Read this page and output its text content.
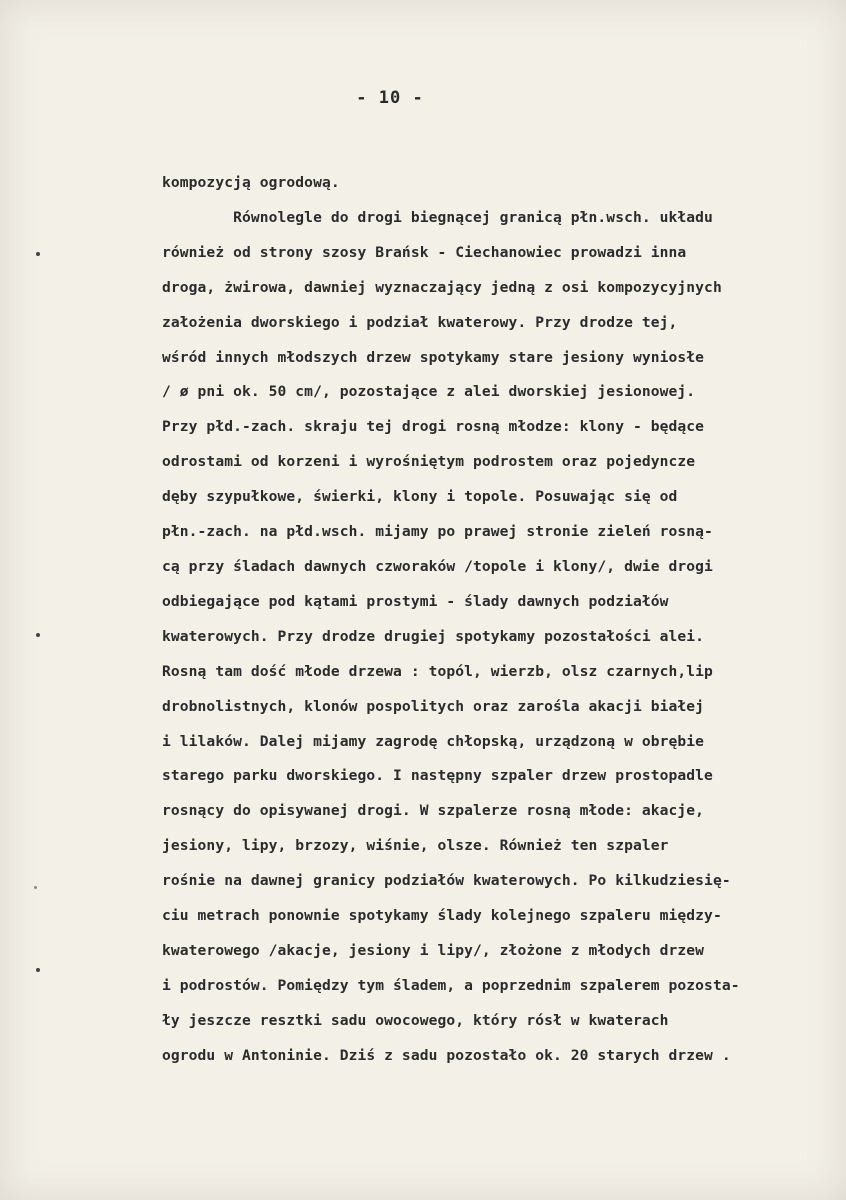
- 10 -
kompozycją ogrodową.
Równolegle do drogi biegnącej granicą płn.wsch. układu
również od strony szosy Brańsk - Ciechanowiec prowadzi inna
droga, żwirowa, dawniej wyznaczający jedną z osi kompozycyjnych
założenia dworskiego i podział kwaterowy. Przy drodze tej,
wśród innych młodszych drzew spotykamy stare jesiony wyniosłe
/ ø pni ok. 50 cm/, pozostające z alei dworskiej jesionowej.
Przy płd.-zach. skraju tej drogi rosną młodze: klony - będące
odrostami od korzeni i wyrośniętym podrostem oraz pojedyncze
dęby szypułkowe, świerki, klony i topole. Posuwając się od
płn.-zach. na płd.wsch. mijamy po prawej stronie zieleń rosną-
cą przy śladach dawnych czworaków /topole i klony/, dwie drogi
odbiegające pod kątami prostymi - ślady dawnych podziałów
kwaterowych. Przy drodze drugiej spotykamy pozostałości alei.
Rosną tam dość młode drzewa : topól, wierzb, olsz czarnych,lip
drobnolistnych, klonów pospolitych oraz zarośla akacji białej
i lilaków. Dalej mijamy zagrodę chłopską, urządzoną w obrębie
starego parku dworskiego. I następny szpaler drzew prostopadle
rosnący do opisywanej drogi. W szpalerze rosną młode: akacje,
jesiony, lipy, brzozy, wiśnie, olsze. Również ten szpaler
rośnie na dawnej granicy podziałów kwaterowych. Po kilkudziesię-
ciu metrach ponownie spotykamy ślady kolejnego szpaleru między-
kwaterowego /akacje, jesiony i lipy/, złożone z młodych drzew
i podrostów. Pomiędzy tym śladem, a poprzednim szpalerem pozosta-
ły jeszcze resztki sadu owocowego, który rósł w kwaterach
ogrodu w Antoninie. Dziś z sadu pozostało ok. 20 starych drzew .
